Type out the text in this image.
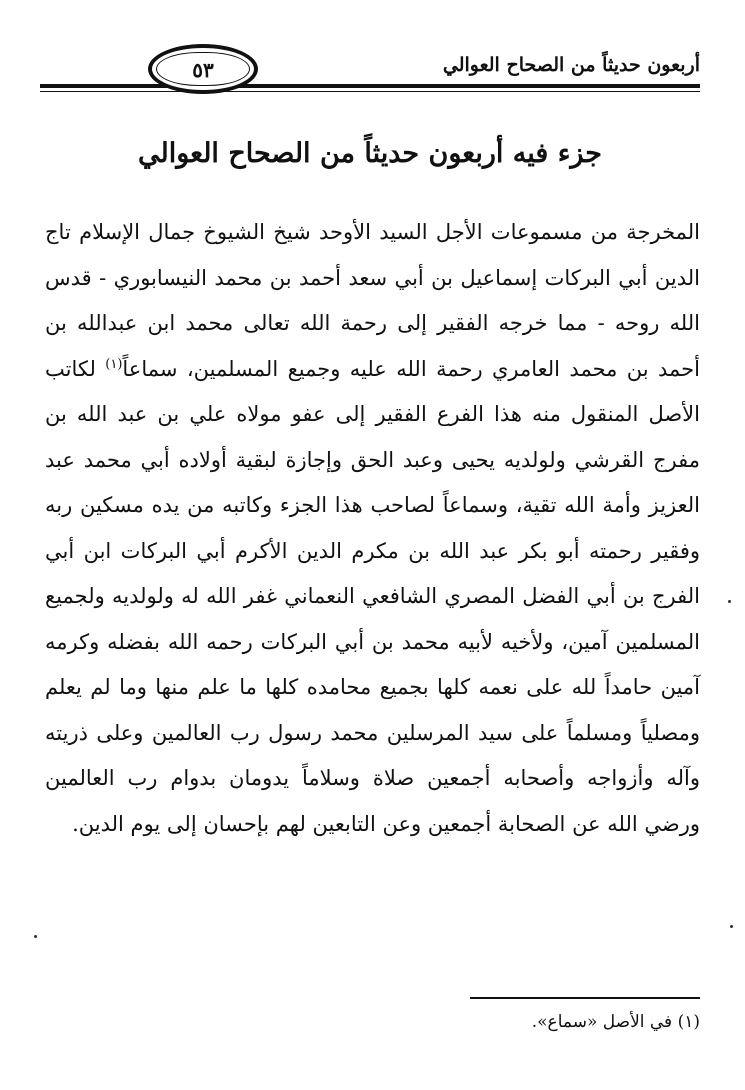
أربعون حديثاً من الصحاح العوالي
٥٣
جزء فيه أربعون حديثاً من الصحاح العوالي
المخرجة من مسموعات الأجل السيد الأوحد شيخ الشيوخ جمال الإسلام تاج الدين أبي البركات إسماعيل بن أبي سعد أحمد بن محمد النيسابوري - قدس الله روحه - مما خرجه الفقير إلى رحمة الله تعالى محمد ابن عبدالله بن أحمد بن محمد العامري رحمة الله عليه وجميع المسلمين، سماعاً$^{(١)}$ لكاتب الأصل المنقول منه هذا الفرع الفقير إلى عفو مولاه علي بن عبد الله بن مفرج القرشي ولولديه يحيى وعبد الحق وإجازة لبقية أولاده أبي محمد عبد العزيز وأمة الله تقية، وسماعاً لصاحب هذا الجزء وكاتبه من يده مسكين ربه وفقير رحمته أبو بكر عبد الله بن مكرم الدين الأكرم أبي البركات ابن أبي الفرج بن أبي الفضل المصري الشافعي النعماني غفر الله له ولولديه ولجميع المسلمين آمين، ولأخيه لأبيه محمد بن أبي البركات رحمه الله بفضله وكرمه آمين حامداً لله على نعمه كلها بجميع محامده كلها ما علم منها وما لم يعلم ومصلياً ومسلماً على سيد المرسلين محمد رسول رب العالمين وعلى ذريته وآله وأزواجه وأصحابه أجمعين صلاة وسلاماً يدومان بدوام رب العالمين ورضي الله عن الصحابة أجمعين وعن التابعين لهم بإحسان إلى يوم الدين.
(١) في الأصل «سماع».
